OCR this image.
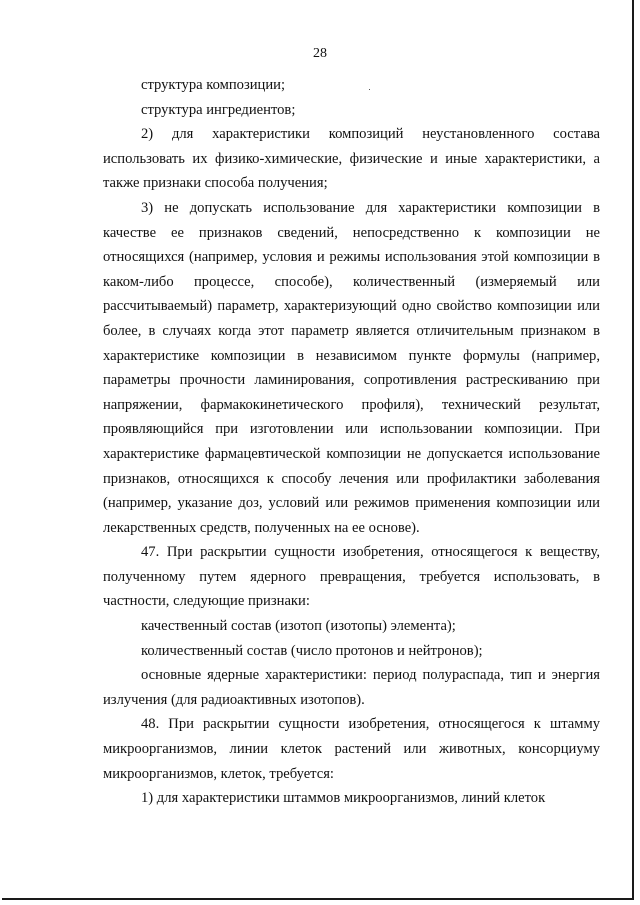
28

структура композиции;

структура ингредиентов;

2) для характеристики композиций неустановленного состава использовать их физико-химические, физические и иные характеристики, а также признаки способа получения;

3) не допускать использование для характеристики композиции в качестве ее признаков сведений, непосредственно к композиции не относящихся (например, условия и режимы использования этой композиции в каком-либо процессе, способе), количественный (измеряемый или рассчитываемый) параметр, характеризующий одно свойство композиции или более, в случаях когда этот параметр является отличительным признаком в характеристике композиции в независимом пункте формулы (например, параметры прочности ламинирования, сопротивления растрескиванию при напряжении, фармакокинетического профиля), технический результат, проявляющийся при изготовлении или использовании композиции. При характеристике фармацевтической композиции не допускается использование признаков, относящихся к способу лечения или профилактики заболевания (например, указание доз, условий или режимов применения композиции или лекарственных средств, полученных на ее основе).

47. При раскрытии сущности изобретения, относящегося к веществу, полученному путем ядерного превращения, требуется использовать, в частности, следующие признаки:

качественный состав (изотоп (изотопы) элемента);

количественный состав (число протонов и нейтронов);

основные ядерные характеристики: период полураспада, тип и энергия излучения (для радиоактивных изотопов).

48. При раскрытии сущности изобретения, относящегося к штамму микроорганизмов, линии клеток растений или животных, консорциуму микроорганизмов, клеток, требуется:

1) для характеристики штаммов микроорганизмов, линий клеток
